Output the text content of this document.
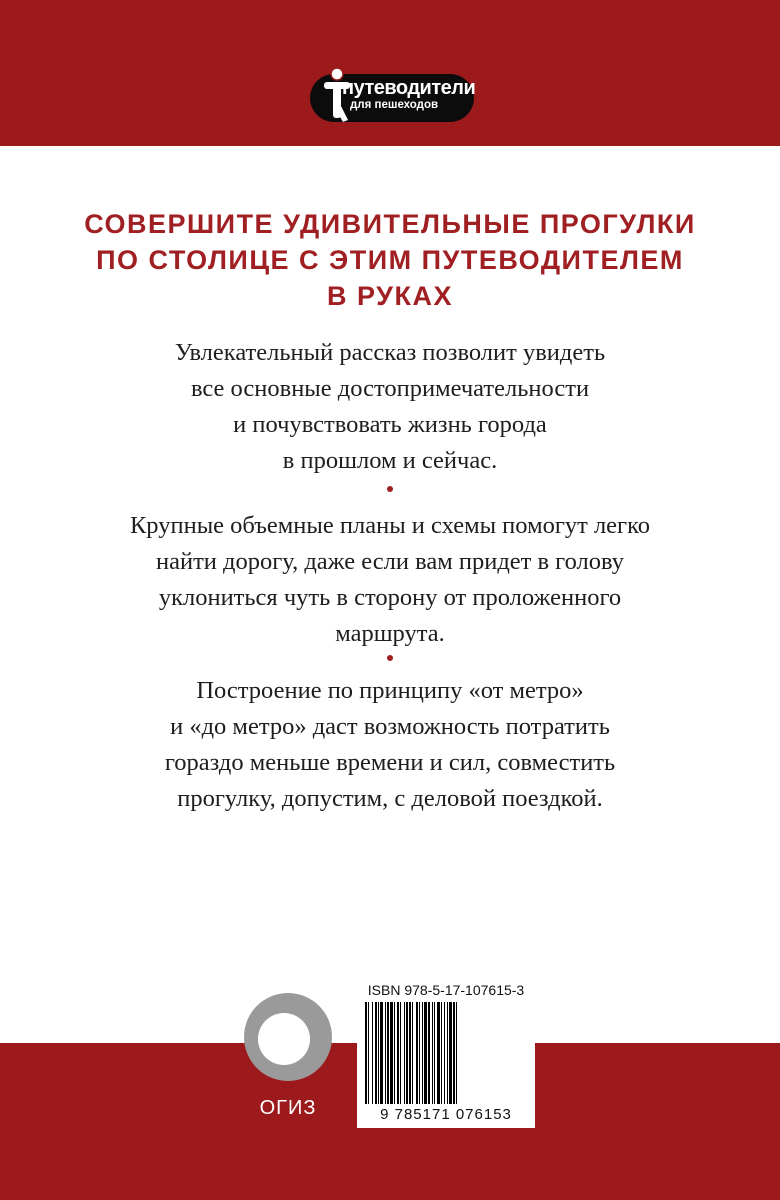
путеводители
для пешеходов
СОВЕРШИТЕ УДИВИТЕЛЬНЫЕ ПРОГУЛКИ
ПО СТОЛИЦЕ С ЭТИМ ПУТЕВОДИТЕЛЕМ
В РУКАХ

Увлекательный рассказ позволит увидеть
все основные достопримечательности
и почувствовать жизнь города
в прошлом и сейчас.

Крупные объемные планы и схемы помогут легко
найти дорогу, даже если вам придет в голову
уклониться чуть в сторону от проложенного
маршрута.

Построение по принципу «от метро»
и «до метро» даст возможность потратить
гораздо меньше времени и сил, совместить
прогулку, допустим, с деловой поездкой.

ОГИЗ

ISBN 978-5-17-107615-3

9 785171 076153
